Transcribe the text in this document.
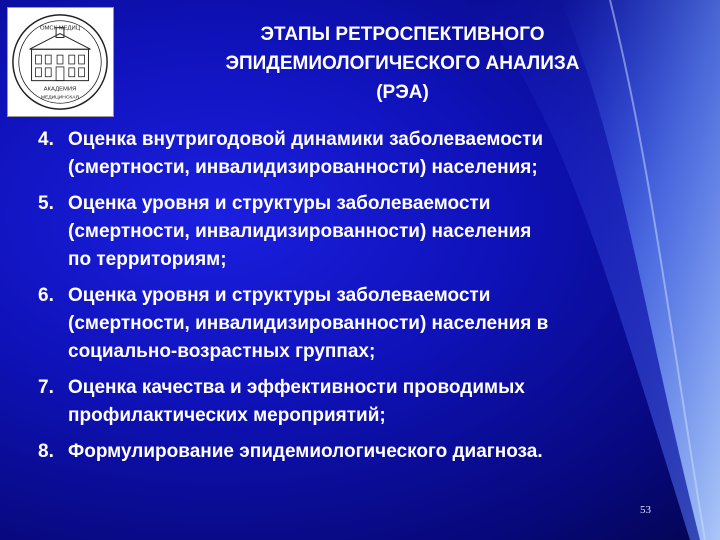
ОМСК МЕДИЦ
АКАДЕМИЯ
МЕДИЦИНСКАЯ
ЭТАПЫ РЕТРОСПЕКТИВНОГО
ЭПИДЕМИОЛОГИЧЕСКОГО АНАЛИЗА
(РЭА)
4. Оценка внутригодовой динамики заболеваемости
(смертности, инвалидизированности) населения;
5. Оценка уровня и структуры заболеваемости
(смертности, инвалидизированности) населения
по территориям;
6. Оценка уровня и структуры заболеваемости
(смертности, инвалидизированности) населения в
социально-возрастных группах;
7. Оценка качества и эффективности проводимых
профилактических мероприятий;
8. Формулирование эпидемиологического диагноза.
53
